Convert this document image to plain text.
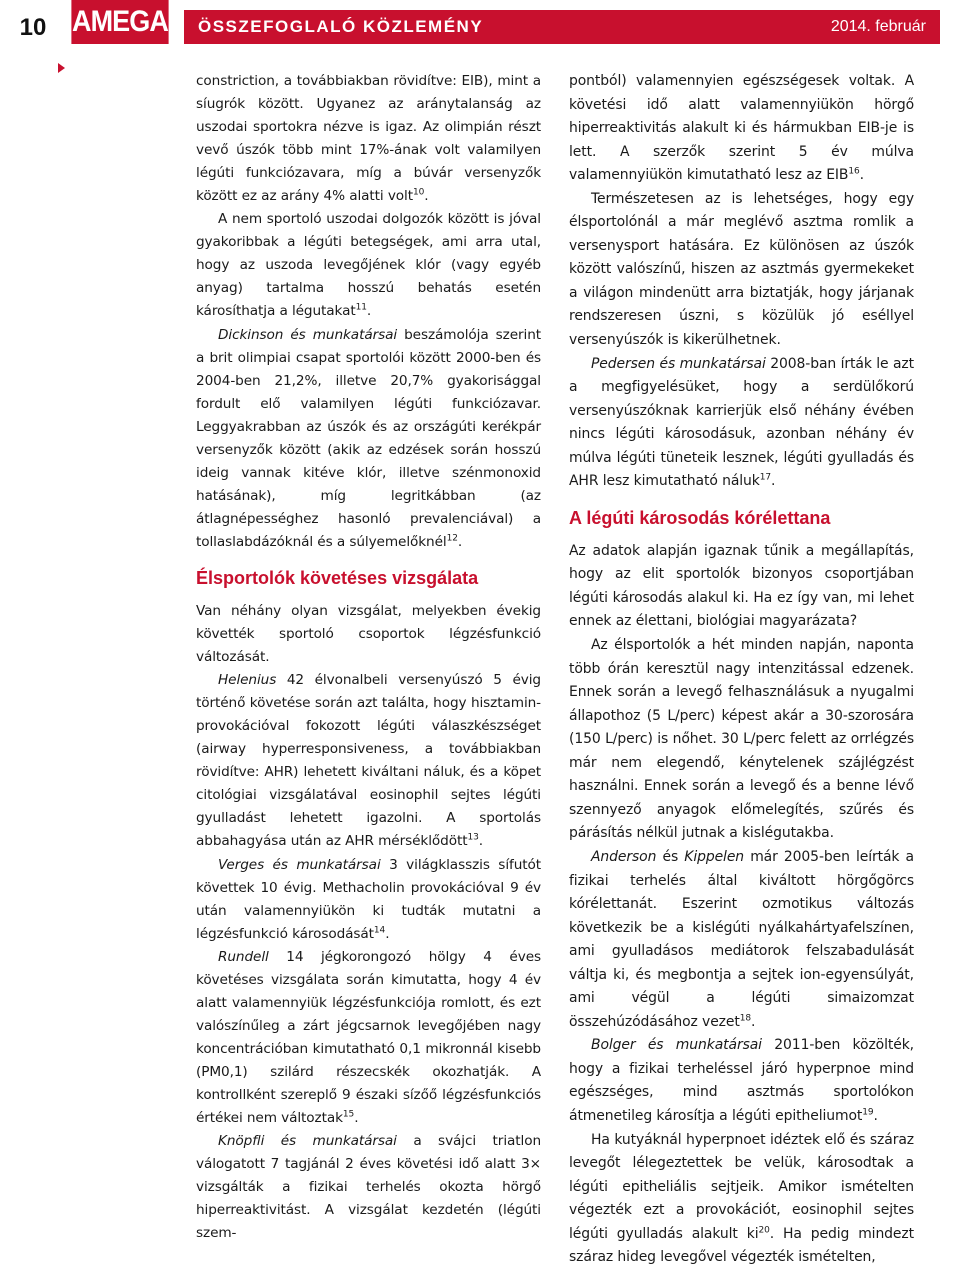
10 AMEGA ÖSSZEFOGLALÓ KÖZLEMÉNY	2014. február

constriction, a továbbiakban rövidítve: EIB), mint a síugrók között. Ugyanez az aránytalanság az uszodai sportokra nézve is igaz. Az olimpián részt vevő úszók több mint 17%-ának volt valamilyen légúti funkciózavara, míg a búvár versenyzők között ez az arány 4% alatti volt$^{10}$.

A nem sportoló uszodai dolgozók között is jóval gyakoribbak a légúti betegségek, ami arra utal, hogy az uszoda levegőjének klór (vagy egyéb anyag) tartalma hosszú behatás esetén károsíthatja a légutakat$^{11}$.

Dickinson és munkatársai beszámolója szerint a brit olimpiai csapat sportolói között 2000-ben és 2004-ben 21,2%, illetve 20,7% gyakorisággal fordult elő valamilyen légúti funkciózavar. Leggyakrabban az úszók és az országúti kerékpár versenyzők között (akik az edzések során hosszú ideig vannak kitéve klór, illetve szénmonoxid hatásának), míg legritkábban (az átlagnépességhez hasonló prevalenciával) a tollaslabdázóknál és a súlyemelőknél$^{12}$.

Élsportolók követéses vizsgálata

Van néhány olyan vizsgálat, melyekben évekig követték sportoló csoportok légzésfunkció változását.

Helenius 42 élvonalbeli versenyúszó 5 évig történő követése során azt találta, hogy hisztamin-provokációval fokozott légúti válaszkészséget (airway hyperresponsiveness, a továbbiakban rövidítve: AHR) lehetett kiváltani náluk, és a köpet citológiai vizsgálatával eosinophil sejtes légúti gyulladást lehetett igazolni. A sportolás abbahagyása után az AHR mérséklődött$^{13}$.

Verges és munkatársai 3 világklasszis sífutót követtek 10 évig. Methacholin provokációval 9 év után valamennyiükön ki tudták mutatni a légzésfunkció károsodását$^{14}$.

Rundell 14 jégkorongozó hölgy 4 éves követéses vizsgálata során kimutatta, hogy 4 év alatt valamennyiük légzésfunkciója romlott, és ezt valószínűleg a zárt jégcsarnok levegőjében nagy koncentrációban kimutatható 0,1 mikronnál kisebb (PM0,1) szilárd részecskék okozhatják. A kontrollként szereplő 9 északi sízőő légzésfunkciós értékei nem változtak$^{15}$.

Knöpfli és munkatársai a svájci triatlon válogatott 7 tagjánál 2 éves követési idő alatt 3× vizsgálták a fizikai terhelés okozta hörgő hiperreaktivitást. A vizsgálat kezdetén (légúti szem-

pontból) valamennyien egészségesek voltak. A követési idő alatt valamennyiükön hörgő hiperreaktivitás alakult ki és hármukban EIB-je is lett. A szerzők szerint 5 év múlva valamennyiükön kimutatható lesz az EIB$^{16}$.

Természetesen az is lehetséges, hogy egy élsportolónál a már meglévő asztma romlik a versenysport hatására. Ez különösen az úszók között valószínű, hiszen az asztmás gyermekeket a világon mindenütt arra biztatják, hogy járjanak rendszeresen úszni, s közülük jó eséllyel versenyúszók is kikerülhetnek.

Pedersen és munkatársai 2008-ban írták le azt a megfigyelésüket, hogy a serdülőkorú versenyúszóknak karrierjük első néhány évében nincs légúti károsodásuk, azonban néhány év múlva légúti tüneteik lesznek, légúti gyulladás és AHR lesz kimutatható náluk$^{17}$.

A légúti károsodás kórélettana

Az adatok alapján igaznak tűnik a megállapítás, hogy az elit sportolók bizonyos csoportjában légúti károsodás alakul ki. Ha ez így van, mi lehet ennek az élettani, biológiai magyarázata?

Az élsportolók a hét minden napján, naponta több órán keresztül nagy intenzitással edzenek. Ennek során a levegő felhasználásuk a nyugalmi állapothoz (5 L/perc) képest akár a 30-szorosára (150 L/perc) is nőhet. 30 L/perc felett az orrlégzés már nem elegendő, kénytelenek szájlégzést használni. Ennek során a levegő és a benne lévő szennyező anyagok előmelegítés, szűrés és párásítás nélkül jutnak a kislégutakba.

Anderson és Kippelen már 2005-ben leírták a fizikai terhelés által kiváltott hörgőgörcs kórélettanát. Eszerint ozmotikus változás következik be a kislégúti nyálkahártyafelszínen, ami gyulladásos mediátorok felszabadulását váltja ki, és megbontja a sejtek ion-egyensúlyát, ami végül a légúti simaizomzat összehúzódásához vezet$^{18}$.

Bolger és munkatársai 2011-ben közölték, hogy a fizikai terheléssel járó hyperpnoe mind egészséges, mind asztmás sportolókon átmenetileg károsítja a légúti epitheliumot$^{19}$.

Ha kutyáknál hyperpnoet idéztek elő és száraz levegőt lélegeztettek be velük, károsodtak a légúti epitheliális sejtjeik. Amikor ismételten végezték ezt a provokációt, eosinophil sejtes légúti gyulladás alakult $ki^{20}$. Ha pedig mindezt száraz hideg levegővel végezték ismételten,
